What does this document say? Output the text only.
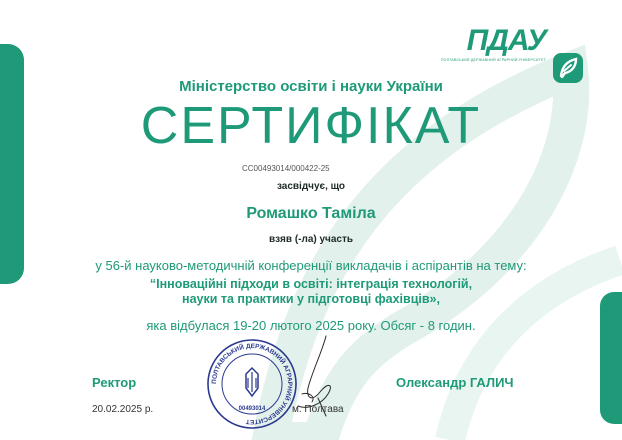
ПДАУ
ПОЛТАВСЬКИЙ ДЕРЖАВНИЙ АГРАРНИЙ УНІВЕРСИТЕТ
Міністерство освіти і науки України
СЕРТИФІКАТ
СС00493014/000422-25
засвідчує, що
Ромашко Таміла
взяв (-ла) участь
у 56-й науково-методичній конференції викладачів і аспірантів на тему:
“Інноваційні підходи в освіті: інтеграція технологій,
науки та практики у підготовці фахівців»,
яка відбулася 19-20 лютого 2025 року. Обсяг - 8 годин.
ПОЛТАВСЬКИЙ ДЕРЖАВНИЙ АГРАРНИЙ УНІВЕРСИТЕТ
00493014
Ректор
20.02.2025 р.
Олександр ГАЛИЧ
м. Полтава
